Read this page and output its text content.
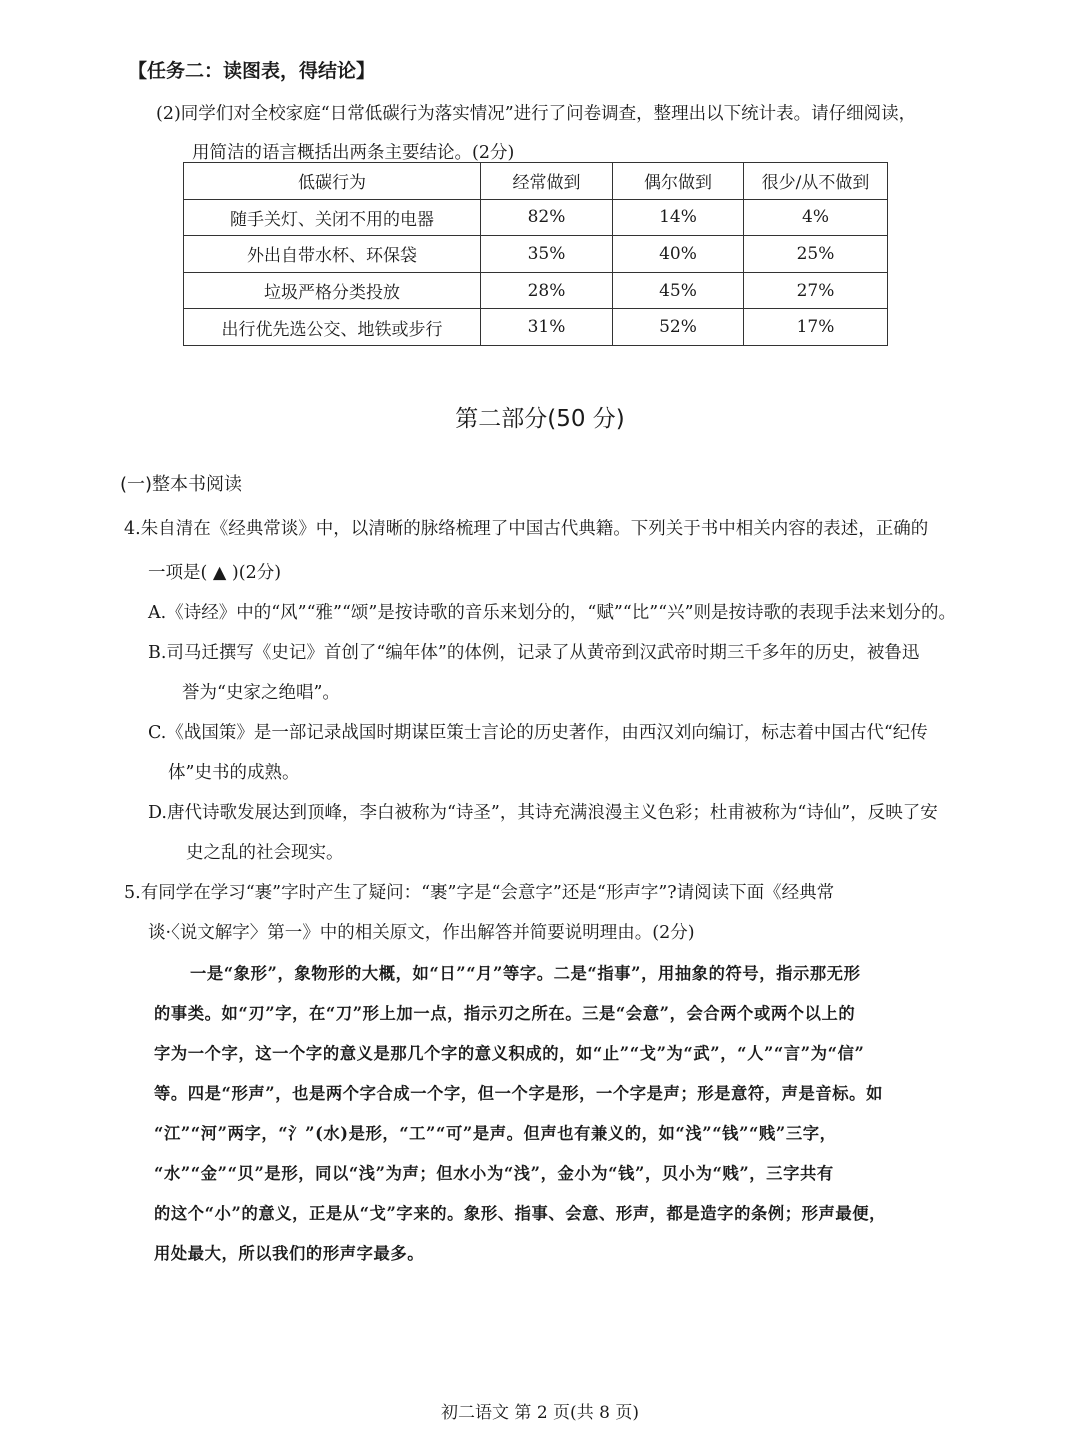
【任务二：读图表，得结论】
(2)同学们对全校家庭“日常低碳行为落实情况”进行了问卷调查，整理出以下统计表。请仔细阅读，
用简洁的语言概括出两条主要结论。(2分)
低碳行为	经常做到	偶尔做到	很少/从不做到
随手关灯、关闭不用的电器	82%	14%	4%
外出自带水杯、环保袋	35%	40%	25%
垃圾严格分类投放	28%	45%	27%
出行优先选公交、地铁或步行	31%	52%	17%
第二部分(50 分)
(一)整本书阅读
4.朱自清在《经典常谈》中，以清晰的脉络梳理了中国古代典籍。下列关于书中相关内容的表述，正确的
一项是( ▲ )(2分)
A.《诗经》中的“风”“雅”“颂”是按诗歌的音乐来划分的，“赋”“比”“兴”则是按诗歌的表现手法来划分的。
B.司马迁撰写《史记》首创了“编年体”的体例，记录了从黄帝到汉武帝时期三千多年的历史，被鲁迅
誉为“史家之绝唱”。
C.《战国策》是一部记录战国时期谋臣策士言论的历史著作，由西汉刘向编订，标志着中国古代“纪传
体”史书的成熟。
D.唐代诗歌发展达到顶峰，李白被称为“诗圣”，其诗充满浪漫主义色彩；杜甫被称为“诗仙”，反映了安
史之乱的社会现实。
5.有同学在学习“裹”字时产生了疑问：“裹”字是“会意字”还是“形声字”?请阅读下面《经典常
谈·〈说文解字〉第一》中的相关原文，作出解答并简要说明理由。(2分)
一是“象形”，象物形的大概，如“日”“月”等字。二是“指事”，用抽象的符号，指示那无形
的事类。如“刃”字，在“刀”形上加一点，指示刃之所在。三是“会意”，会合两个或两个以上的
字为一个字，这一个字的意义是那几个字的意义积成的，如“止”“戈”为“武”，“人”“言”为“信”
等。四是“形声”，也是两个字合成一个字，但一个字是形，一个字是声；形是意符，声是音标。如
“江”“河”两字，“氵”(水)是形，“工”“可”是声。但声也有兼义的，如“浅”“钱”“贱”三字，
“水”“金”“贝”是形，同以“浅”为声；但水小为“浅”，金小为“钱”，贝小为“贱”，三字共有
的这个“小”的意义，正是从“戈”字来的。象形、指事、会意、形声，都是造字的条例；形声最便，
用处最大，所以我们的形声字最多。
初二语文 第 2 页(共 8 页)
